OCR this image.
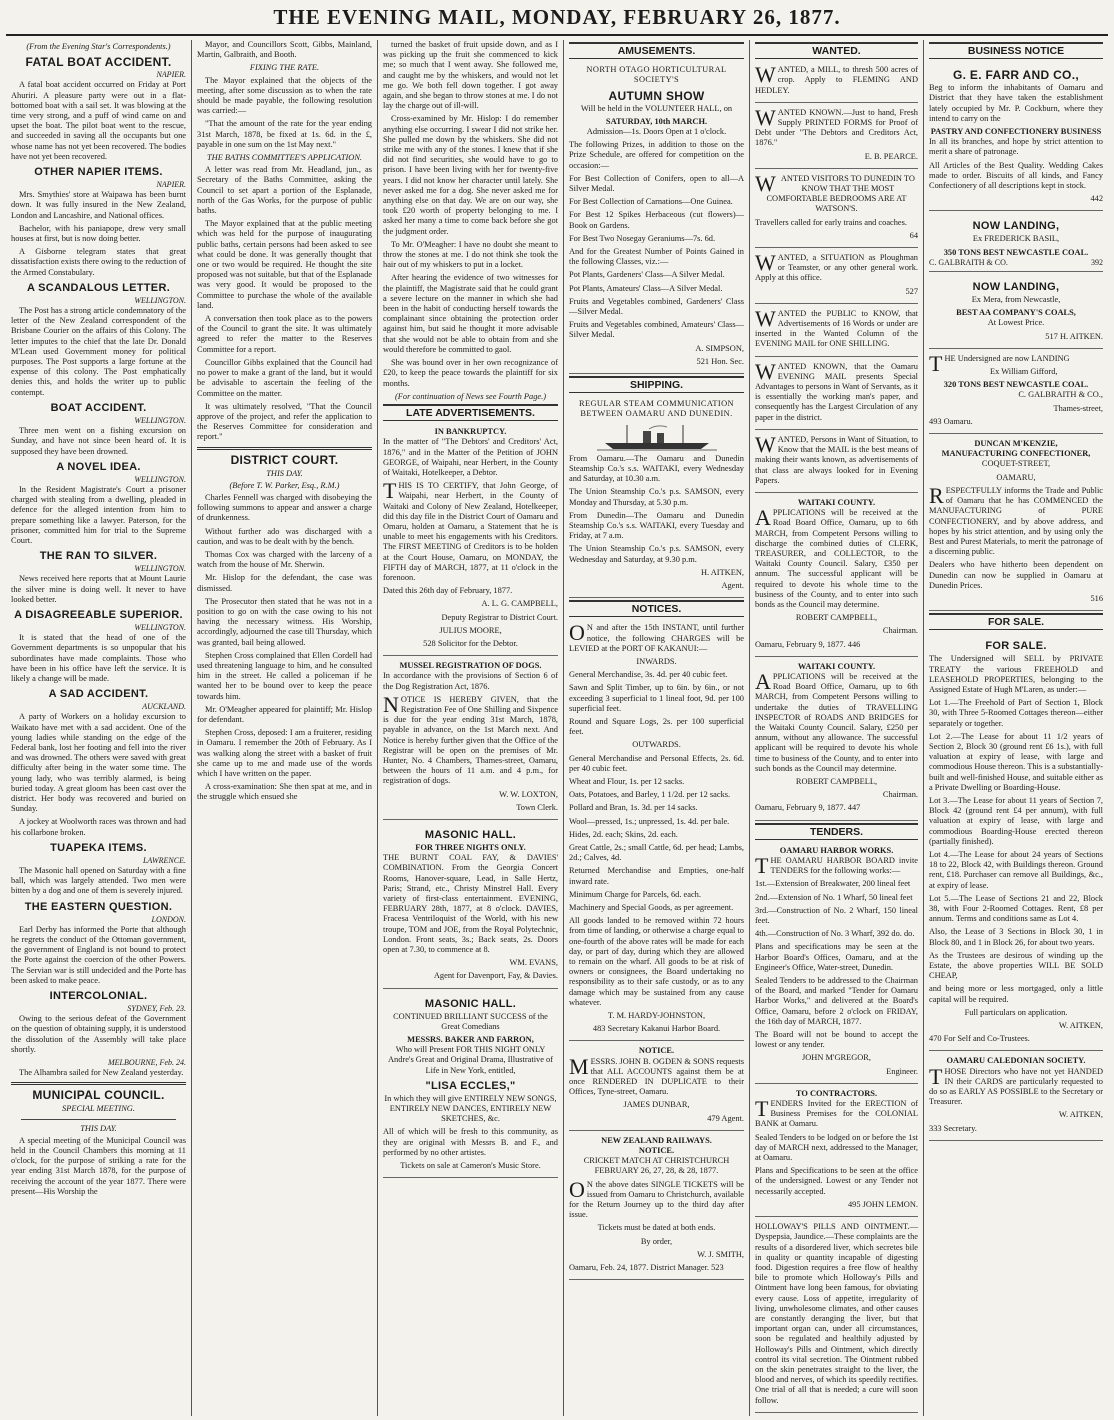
THE EVENING MAIL, MONDAY, FEBRUARY 26, 1877.
(From the Evening Star's Correspondents.)
FATAL BOAT ACCIDENT.
NAPIER.

A fatal boat accident occurred on Friday at Port Ahuriri. A pleasure party were out in a flat-bottomed boat with a sail set. It was blowing at the time very strong, and a puff of wind came on and upset the boat. The pilot boat went to the rescue, and succeeded in saving all the occupants but one whose name has not yet been recovered. The bodies have not yet been recovered.

OTHER NAPIER ITEMS.
NAPIER.

Mrs. Smythies' store at Waipawa has been burnt down. It was fully insured in the New Zealand, London and Lancashire, and National offices.

Bachelor, with his paniapope, drew very small houses at first, but is now doing better.

A Gisborne telegram states that great dissatisfaction exists there owing to the reduction of the Armed Constabulary.

A SCANDALOUS LETTER.
WELLINGTON.

The Post has a strong article condemnatory of the letter of the New Zealand correspondent of the Brisbane Courier on the affairs of this Colony. The letter imputes to the chief that the late Dr. Donald M'Lean used Government money for political purposes. The Post supports a large fortune at the expense of this colony. The Post emphatically denies this, and holds the writer up to public contempt.

BOAT ACCIDENT.
WELLINGTON.

Three men went on a fishing excursion on Sunday, and have not since been heard of. It is supposed they have been drowned.

A NOVEL IDEA.
WELLINGTON.

In the Resident Magistrate's Court a prisoner charged with stealing from a dwelling, pleaded in defence for the alleged intention from him to prepare something like a lawyer. Paterson, for the prisoner, committed him for trial to the Supreme Court.

THE RAN TO SILVER.
WELLINGTON.

News received here reports that at Mount Laurie the silver mine is doing well. It never to have looked better.

A DISAGREEABLE SUPERIOR.
WELLINGTON.

It is stated that the head of one of the Government departments is so unpopular that his subordinates have made complaints. Those who have been in his office have left the service. It is likely a change will be made.

A SAD ACCIDENT.
AUCKLAND.

A party of Workers on a holiday excursion to Waikato have met with a sad accident. One of the young ladies while standing on the edge of the Federal bank, lost her footing and fell into the river and was drowned. The others were saved with great difficulty after being in the water some time. The young lady, who was terribly alarmed, is being buried today. A great gloom has been cast over the district. Her body was recovered and buried on Sunday.

A jockey at Woolworth races was thrown and had his collarbone broken.

TUAPEKA ITEMS.
LAWRENCE.

The Masonic hall opened on Saturday with a fine ball, which was largely attended. Two men were bitten by a dog and one of them is severely injured.

THE EASTERN QUESTION.
LONDON.

Earl Derby has informed the Porte that although he regrets the conduct of the Ottoman government, the government of England is not bound to protect the Porte against the coercion of the other Powers. The Servian war is still undecided and the Porte has been asked to make peace.

INTERCOLONIAL.
SYDNEY, Feb. 23.

Owing to the serious defeat of the Government on the question of obtaining supply, it is understood the dissolution of the Assembly will take place shortly.

MELBOURNE, Feb. 24.

The Alhambra sailed for New Zealand yesterday.

MUNICIPAL COUNCIL.
SPECIAL MEETING.
THIS DAY.

A special meeting of the Municipal Council was held in the Council Chambers this morning at 11 o'clock, for the purpose of striking a rate for the year ending 31st March 1878, for the purpose of receiving the account of the year 1877. There were present—His Worship the

Mayor, and Councillors Scott, Gibbs, Mainland, Martin, Galbraith, and Booth.

FIXING THE RATE.

The Mayor explained that the objects of the meeting, after some discussion as to when the rate should be made payable, the following resolution was carried:—

"That the amount of the rate for the year ending 31st March, 1878, be fixed at 1s. 6d. in the £, payable in one sum on the 1st May next."

THE BATHS COMMITTEE'S APPLICATION.

A letter was read from Mr. Headland, jun., as Secretary of the Baths Committee, asking the Council to set apart a portion of the Esplanade, north of the Gas Works, for the purpose of public baths.

The Mayor explained that at the public meeting which was held for the purpose of inaugurating public baths, certain persons had been asked to see what could be done. It was generally thought that one or two would be required. He thought the site proposed was not suitable, but that of the Esplanade was very good. It would be proposed to the Committee to purchase the whole of the available land.

A conversation then took place as to the powers of the Council to grant the site. It was ultimately agreed to refer the matter to the Reserves Committee for a report.

Councillor Gibbs explained that the Council had no power to make a grant of the land, but it would be advisable to ascertain the feeling of the Committee on the matter.

It was ultimately resolved, "That the Council approve of the project, and refer the application to the Reserves Committee for consideration and report."

DISTRICT COURT.
THIS DAY.
(Before T. W. Parker, Esq., R.M.)

Charles Fennell was charged with disobeying the following summons to appear and answer a charge of drunkenness.

Without further ado was discharged with a caution, and was to be dealt with by the bench.

Thomas Cox was charged with the larceny of a watch from the house of Mr. Sherwin.

Mr. Hislop for the defendant, the case was dismissed.

The Prosecutor then stated that he was not in a position to go on with the case owing to his not having the necessary witness. His Worship, accordingly, adjourned the case till Thursday, which was granted, bail being allowed.

Stephen Cross complained that Ellen Cordell had used threatening language to him, and he consulted him in the street. He called a policeman if he wanted her to be bound over to keep the peace towards him.

Mr. O'Meagher appeared for plaintiff; Mr. Hislop for defendant.

Stephen Cross, deposed: I am a fruiterer, residing in Oamaru. I remember the 20th of February. As I was walking along the street with a basket of fruit she came up to me and made use of the words which I have written on the paper.

A cross-examination: She then spat at me, and in the struggle which ensued she

turned the basket of fruit upside down, and as I was picking up the fruit she commenced to kick me; so much that I went away. She followed me, and caught me by the whiskers, and would not let me go. We both fell down together. I got away again, and she began to throw stones at me. I do not lay the charge out of ill-will.

Cross-examined by Mr. Hislop: I do remember anything else occurring. I swear I did not strike her. She pulled me down by the whiskers. She did not strike me with any of the stones. I knew that if she did not find securities, she would have to go to prison. I have been living with her for twenty-five years. I did not know her character until lately. She never asked me for a dog. She never asked me for anything else on that day. We are on our way, she took £20 worth of property belonging to me. I asked her many a time to come back before she got the judgment order.

To Mr. O'Meagher: I have no doubt she meant to throw the stones at me. I do not think she took the hair out of my whiskers to put in a locket.

After hearing the evidence of two witnesses for the plaintiff, the Magistrate said that he could grant a severe lecture on the manner in which she had been in the habit of conducting herself towards the complainant since obtaining the protection order against him, but said he thought it more advisable that she would not be able to obtain from and she would therefore be committed to gaol.

She was bound over in her own recognizance of £20, to keep the peace towards the plaintiff for six months.

(For continuation of News see Fourth Page.)
LATE ADVERTISEMENTS.
IN BANKRUPTCY.

In the matter of "The Debtors' and Creditors' Act, 1876," and in the Matter of the Petition of JOHN GEORGE, of Waipahi, near Herbert, in the County of Waitaki, Hotelkeeper, a Debtor.

THIS IS TO CERTIFY, that John George, of Waipahi, near Herbert, in the County of Waitaki and Colony of New Zealand, Hotelkeeper, did this day file in the District Court of Oamaru and Omaru, holden at Oamaru, a Statement that he is unable to meet his engagements with his Creditors. The FIRST MEETING of Creditors is to be holden at the Court House, Oamaru, on MONDAY, the FIFTH day of MARCH, 1877, at 11 o'clock in the forenoon.

Dated this 26th day of February, 1877.

A. L. G. CAMPBELL,

Deputy Registrar to District Court.

JULIUS MOORE,

528 Solicitor for the Debtor.

MUSSEL REGISTRATION OF DOGS.

In accordance with the provisions of Section 6 of the Dog Registration Act, 1876.

NOTICE IS HEREBY GIVEN, that the Registration Fee of One Shilling and Sixpence is due for the year ending 31st March, 1878, payable in advance, on the 1st March next. And Notice is hereby further given that the Office of the Registrar will be open on the premises of Mr. Hunter, No. 4 Chambers, Thames-street, Oamaru, between the hours of 11 a.m. and 4 p.m., for registration of dogs.

W. W. LOXTON,

Town Clerk.

MASONIC HALL.
FOR THREE NIGHTS ONLY.

THE BURNT COAL FAY, & DAVIES' COMBINATION. From the Georgia Concert Rooms, Hanover-square, Lead, in Salle Hertz, Paris; Strand, etc., Christy Minstrel Hall. Every variety of first-class entertainment. EVENING, FEBRUARY 28th, 1877, at 8 o'clock. DAVIES, Fracesa Ventriloquist of the World, with his new troupe, TOM and JOE, from the Royal Polytechnic, London. Front seats, 3s.; Back seats, 2s. Doors open at 7.30, to commence at 8.

WM. EVANS,

Agent for Davenport, Fay, & Davies.

MASONIC HALL.

CONTINUED BRILLIANT SUCCESS of the Great Comedians

MESSRS. BAKER AND FARRON,

Who will Present FOR THIS NIGHT ONLY Andre's Great and Original Drama, Illustrative of Life in New York, entitled,

"LISA ECCLES,"

In which they will give ENTIRELY NEW SONGS, ENTIRELY NEW DANCES, ENTIRELY NEW SKETCHES, &c.

All of which will be fresh to this community, as they are original with Messrs B. and F., and performed by no other artistes.

Tickets on sale at Cameron's Music Store.

AMUSEMENTS.

NORTH OTAGO HORTICULTURAL SOCIETY'S

AUTUMN SHOW

Will be held in the VOLUNTEER HALL, on

SATURDAY, 10th MARCH.

Admission—1s. Doors Open at 1 o'clock.

The following Prizes, in addition to those on the Prize Schedule, are offered for competition on the occasion:—

For Best Collection of Conifers, open to all—A Silver Medal.

For Best Collection of Carnations—One Guinea.

For Best 12 Spikes Herbaceous (cut flowers)—Book on Gardens.

For Best Two Nosegay Geraniums—7s. 6d.

And for the Greatest Number of Points Gained in the following Classes, viz.:—

Pot Plants, Gardeners' Class—A Silver Medal.

Pot Plants, Amateurs' Class—A Silver Medal.

Fruits and Vegetables combined, Gardeners' Class—Silver Medal.

Fruits and Vegetables combined, Amateurs' Class—Silver Medal.

A. SIMPSON,

521 Hon. Sec.

SHIPPING.

REGULAR STEAM COMMUNICATION BETWEEN OAMARU AND DUNEDIN.

From Oamaru.—The Oamaru and Dunedin Steamship Co.'s s.s. WAITAKI, every Wednesday and Saturday, at 10.30 a.m.

The Union Steamship Co.'s p.s. SAMSON, every Monday and Thursday, at 5.30 p.m.

From Dunedin—The Oamaru and Dunedin Steamship Co.'s s.s. WAITAKI, every Tuesday and Friday, at 7 a.m.

The Union Steamship Co.'s p.s. SAMSON, every Wednesday and Saturday, at 9.30 p.m.

H. AITKEN,

Agent.

NOTICES.

ON and after the 15th INSTANT, until further notice, the following CHARGES will be LEVIED at the PORT OF KAKANUI:—

INWARDS.

General Merchandise, 3s. 4d. per 40 cubic feet.

Sawn and Split Timber, up to 6in. by 6in., or not exceeding 3 superficial to 1 lineal foot, 9d. per 100 superficial feet.

Round and Square Logs, 2s. per 100 superficial feet.

OUTWARDS.

General Merchandise and Personal Effects, 2s. 6d. per 40 cubic feet.

Wheat and Flour, 1s. per 12 sacks.

Oats, Potatoes, and Barley, 1 1/2d. per 12 sacks.

Pollard and Bran, 1s. 3d. per 14 sacks.

Wool—pressed, 1s.; unpressed, 1s. 4d. per bale.

Hides, 2d. each; Skins, 2d. each.

Great Cattle, 2s.; small Cattle, 6d. per head; Lambs, 2d.; Calves, 4d.

Returned Merchandise and Empties, one-half inward rate.

Minimum Charge for Parcels, 6d. each.

Machinery and Special Goods, as per agreement.

All goods landed to be removed within 72 hours from time of landing, or otherwise a charge equal to one-fourth of the above rates will be made for each day, or part of day, during which they are allowed to remain on the wharf. All goods to be at risk of owners or consignees, the Board undertaking no responsibility as to their safe custody, or as to any damage which may be sustained from any cause whatever.

T. M. HARDY-JOHNSTON,

483 Secretary Kakanui Harbor Board.

NOTICE.

MESSRS. JOHN B. OGDEN & SONS requests that ALL ACCOUNTS against them be at once RENDERED IN DUPLICATE to their Offices, Tyne-street, Oamaru.

JAMES DUNBAR,

479 Agent.

NEW ZEALAND RAILWAYS.
NOTICE.

CRICKET MATCH AT CHRISTCHURCH FEBRUARY 26, 27, 28, & 28, 1877.

ON the above dates SINGLE TICKETS will be issued from Oamaru to Christchurch, available for the Return Journey up to the third day after issue.

Tickets must be dated at both ends.

By order,

W. J. SMITH,

Oamaru, Feb. 24, 1877. District Manager. 523

WANTED.

WANTED, a MILL, to thresh 500 acres of crop. Apply to FLEMING AND HEDLEY.

WANTED KNOWN.—Just to hand, Fresh Supply PRINTED FORMS for Proof of Debt under "The Debtors and Creditors Act, 1876."

E. B. PEARCE.

WANTED VISITORS TO DUNEDIN TO KNOW THAT THE MOST COMFORTABLE BEDROOMS ARE AT WATSON'S.

Travellers called for early trains and coaches.

64

WANTED, a SITUATION as Ploughman or Teamster, or any other general work. Apply at this office.

527

WANTED the PUBLIC to KNOW, that Advertisements of 16 Words or under are inserted in the Wanted Column of the EVENING MAIL for ONE SHILLING.

WANTED KNOWN, that the Oamaru EVENING MAIL presents Special Advantages to persons in Want of Servants, as it is essentially the working man's paper, and consequently has the Largest Circulation of any paper in the district.

WANTED, Persons in Want of Situation, to Know that the MAIL is the best means of making their wants known, as advertisements of that class are always looked for in Evening Papers.

WAITAKI COUNTY.

APPLICATIONS will be received at the Road Board Office, Oamaru, up to 6th MARCH, from Competent Persons willing to discharge the combined duties of CLERK, TREASURER, and COLLECTOR, to the Waitaki County Council. Salary, £350 per annum. The successful applicant will be required to devote his whole time to the business of the County, and to enter into such bonds as the Council may determine.

ROBERT CAMPBELL,

Chairman.

Oamaru, February 9, 1877. 446

WAITAKI COUNTY.

APPLICATIONS will be received at the Road Board Office, Oamaru, up to 6th MARCH, from Competent Persons willing to undertake the duties of TRAVELLING INSPECTOR of ROADS AND BRIDGES for the Waitaki County Council. Salary, £250 per annum, without any allowance. The successful applicant will be required to devote his whole time to business of the County, and to enter into such bonds as the Council may determine.

ROBERT CAMPBELL,

Chairman.

Oamaru, February 9, 1877. 447

TENDERS.
OAMARU HARBOR WORKS.

THE OAMARU HARBOR BOARD invite TENDERS for the following works:—

1st.—Extension of Breakwater, 200 lineal feet

2nd.—Extension of No. 1 Wharf, 50 lineal feet

3rd.—Construction of No. 2 Wharf, 150 lineal feet.

4th.—Construction of No. 3 Wharf, 392 do. do.

Plans and specifications may be seen at the Harbor Board's Offices, Oamaru, and at the Engineer's Office, Water-street, Dunedin.

Sealed Tenders to be addressed to the Chairman of the Board, and marked "Tender for Oamaru Harbor Works," and delivered at the Board's Office, Oamaru, before 2 o'clock on FRIDAY, the 16th day of MARCH, 1877.

The Board will not be bound to accept the lowest or any tender.

JOHN M'GREGOR,

Engineer.

TO CONTRACTORS.

TENDERS Invited for the ERECTION of Business Premises for the COLONIAL BANK at Oamaru.

Sealed Tenders to be lodged on or before the 1st day of MARCH next, addressed to the Manager, at Oamaru.

Plans and Specifications to be seen at the office of the undersigned. Lowest or any Tender not necessarily accepted.

495 JOHN LEMON.

HOLLOWAY'S PILLS AND OINTMENT.—Dyspepsia, Jaundice.—These complaints are the results of a disordered liver, which secretes bile in quality or quantity incapable of digesting food. Digestion requires a free flow of healthy bile to promote which Holloway's Pills and Ointment have long been famous, for obviating every cause. Loss of appetite, irregularity of living, unwholesome climates, and other causes are constantly deranging the liver, but that important organ can, under all circumstances, soon be regulated and healthily adjusted by Holloway's Pills and Ointment, which directly control its vital secretion. The Ointment rubbed on the skin penetrates straight to the liver, the blood and nerves, of which its speedily rectifies. One trial of all that is needed; a cure will soon follow.

BUSINESS NOTICE
G. E. FARR AND CO.,

Beg to inform the inhabitants of Oamaru and District that they have taken the establishment lately occupied by Mr. P. Cockburn, where they intend to carry on the

PASTRY AND CONFECTIONERY BUSINESS

In all its branches, and hope by strict attention to merit a share of patronage.

All Articles of the Best Quality. Wedding Cakes made to order. Biscuits of all kinds, and Fancy Confectionery of all descriptions kept in stock.

442

NOW LANDING,

Ex FREDERICK BASIL,

350 TONS BEST NEWCASTLE COAL.
C. GALBRAITH & CO.	392
NOW LANDING,

Ex Mera, from Newcastle,

BEST AA COMPANY'S COALS,

At Lowest Price.

517 H. AITKEN.

THE Undersigned are now LANDING

Ex William Gifford,

320 TONS BEST NEWCASTLE COAL.

C. GALBRAITH & CO.,

Thames-street,

493 Oamaru.

DUNCAN M'KENZIE,
MANUFACTURING CONFECTIONER,

COQUET-STREET,

OAMARU,

RESPECTFULLY informs the Trade and Public of Oamaru that he has COMMENCED the MANUFACTURING of PURE CONFECTIONERY, and by above address, and hopes by his strict attention, and by using only the Best and Purest Materials, to merit the patronage of a discerning public.

Dealers who have hitherto been dependent on Dunedin can now be supplied in Oamaru at Dunedin Prices.

516

FOR SALE.
FOR SALE.

The Undersigned will SELL by PRIVATE TREATY the various FREEHOLD and LEASEHOLD PROPERTIES, belonging to the Assigned Estate of Hugh M'Laren, as under:—

Lot 1.—The Freehold of Part of Section 1, Block 30, with Three 5-Roomed Cottages thereon—either separately or together.

Lot 2.—The Lease for about 11 1/2 years of Section 2, Block 30 (ground rent £6 1s.), with full valuation at expiry of lease, with large and commodious House thereon. This is a substantially-built and well-finished House, and suitable either as a Private Dwelling or Boarding-House.

Lot 3.—The Lease for about 11 years of Section 7, Block 42 (ground rent £4 per annum), with full valuation at expiry of lease, with large and commodious Boarding-House erected thereon (partially finished).

Lot 4.—The Lease for about 24 years of Sections 18 to 22, Block 42, with Buildings thereon. Ground rent, £18. Purchaser can remove all Buildings, &c., at expiry of lease.

Lot 5.—The Lease of Sections 21 and 22, Block 38, with Four 2-Roomed Cottages. Rent, £8 per annum. Terms and conditions same as Lot 4.

Also, the Lease of 3 Sections in Block 30, 1 in Block 80, and 1 in Block 26, for about two years.

As the Trustees are desirous of winding up the Estate, the above properties WILL BE SOLD CHEAP,

and being more or less mortgaged, only a little capital will be required.

Full particulars on application.

W. AITKEN,

470 For Self and Co-Trustees.

OAMARU CALEDONIAN SOCIETY.

THOSE Directors who have not yet HANDED IN their CARDS are particularly requested to do so as EARLY AS POSSIBLE to the Secretary or Treasurer.

W. AITKEN,

333 Secretary.
